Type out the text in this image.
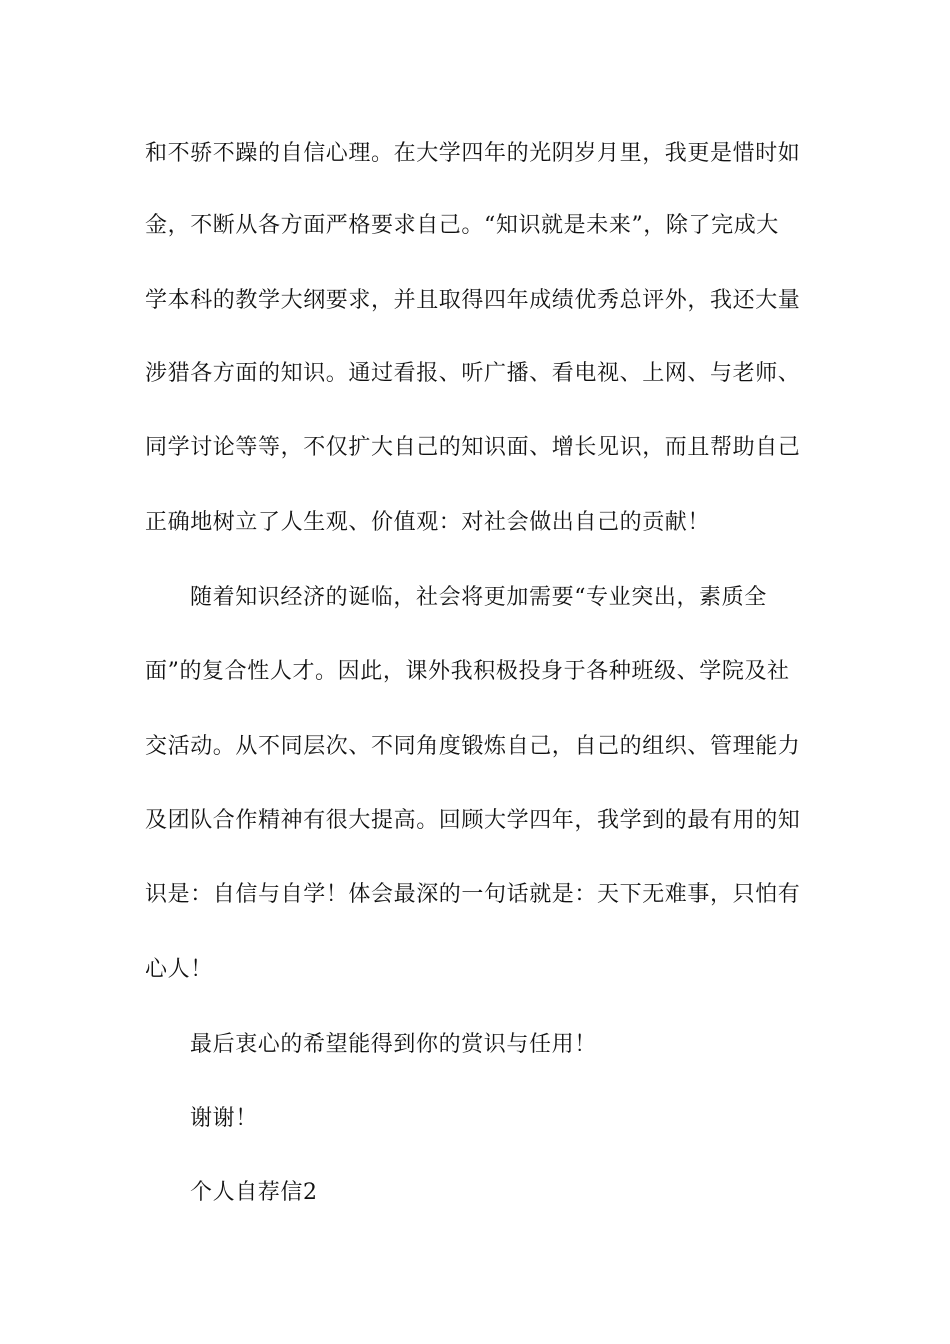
和不骄不躁的自信心理。在大学四年的光阴岁月里，我更是惜时如
金，不断从各方面严格要求自己。“知识就是未来”，除了完成大
学本科的教学大纲要求，并且取得四年成绩优秀总评外，我还大量
涉猎各方面的知识。通过看报、听广播、看电视、上网、与老师、
同学讨论等等，不仅扩大自己的知识面、增长见识，而且帮助自己
正确地树立了人生观、价值观：对社会做出自己的贡献！
随着知识经济的诞临，社会将更加需要“专业突出，素质全
面”的复合性人才。因此，课外我积极投身于各种班级、学院及社
交活动。从不同层次、不同角度锻炼自己，自己的组织、管理能力
及团队合作精神有很大提高。回顾大学四年，我学到的最有用的知
识是：自信与自学！体会最深的一句话就是：天下无难事，只怕有
心人！
最后衷心的希望能得到你的赏识与任用！
谢谢！
个人自荐信2
